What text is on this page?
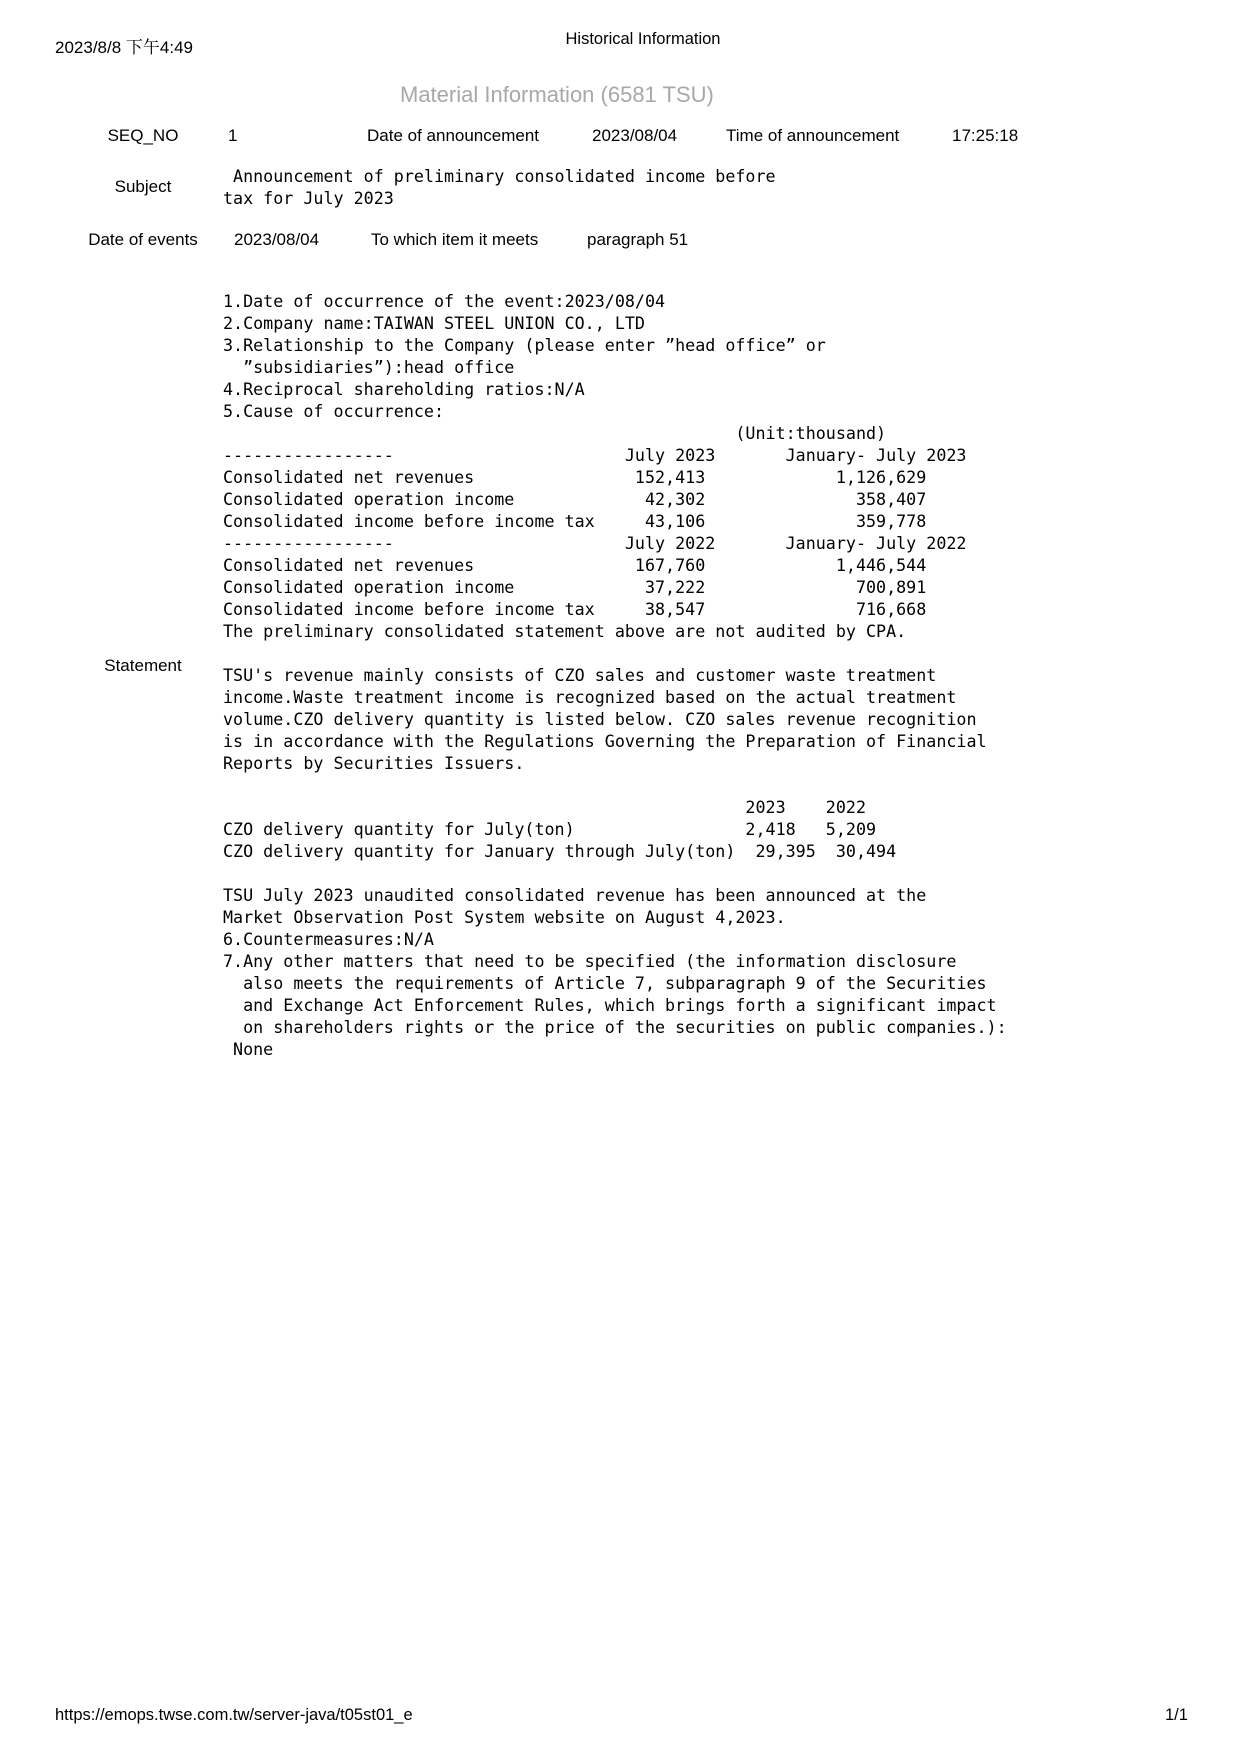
2023/8/8 下午4:49	Historical Information
Material Information (6581 TSU)
SEQ_NO	1	Date of announcement	2023/08/04	Time of announcement	17:25:18
Subject
Announcement of preliminary consolidated income before
tax for July 2023
Date of events	2023/08/04	To which item it meets	paragraph 51
Statement
1.Date of occurrence of the event:2023/08/04
2.Company name:TAIWAN STEEL UNION CO., LTD
3.Relationship to the Company (please enter ”head office” or
”subsidiaries”):head office
4.Reciprocal shareholding ratios:N/A
5.Cause of occurrence:
(Unit:thousand)
-----------------                       July 2023       January- July 2023
Consolidated net revenues                152,413             1,126,629
Consolidated operation income             42,302               358,407
Consolidated income before income tax     43,106               359,778
-----------------                       July 2022       January- July 2022
Consolidated net revenues                167,760             1,446,544
Consolidated operation income             37,222               700,891
Consolidated income before income tax     38,547               716,668
The preliminary consolidated statement above are not audited by CPA.

TSU's revenue mainly consists of CZO sales and customer waste treatment
income.Waste treatment income is recognized based on the actual treatment
volume.CZO delivery quantity is listed below. CZO sales revenue recognition
is in accordance with the Regulations Governing the Preparation of Financial
Reports by Securities Issuers.

2023    2022
CZO delivery quantity for July(ton)                 2,418   5,209
CZO delivery quantity for January through July(ton)  29,395  30,494

TSU July 2023 unaudited consolidated revenue has been announced at the
Market Observation Post System website on August 4,2023.
6.Countermeasures:N/A
7.Any other matters that need to be specified (the information disclosure
also meets the requirements of Article 7, subparagraph 9 of the Securities
and Exchange Act Enforcement Rules, which brings forth a significant impact
on shareholders rights or the price of the securities on public companies.):
None
https://emops.twse.com.tw/server-java/t05st01_e	1/1
